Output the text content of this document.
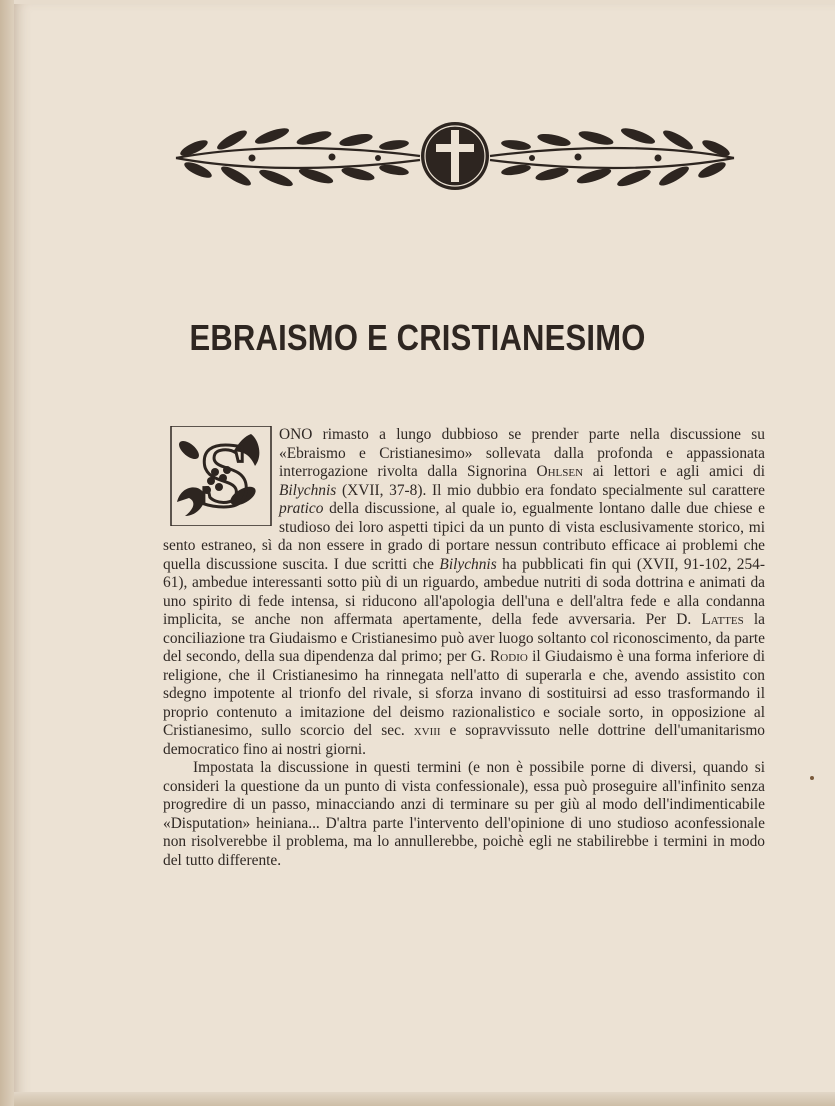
EBRAISMO E CRISTIANESIMO

S ONO rimasto a lungo dubbioso se prender parte nella discussione su «Ebraismo e Cristianesimo» sollevata dalla profonda e appassionata interrogazione rivolta dalla Signorina Ohlsen ai lettori e agli amici di Bilychnis (XVII, 37-8). Il mio dubbio era fondato specialmente sul carattere pratico della discussione, al quale io, egualmente lontano dalle due chiese e studioso dei loro aspetti tipici da un punto di vista esclusivamente storico, mi sento estraneo, sì da non essere in grado di portare nessun contributo efficace ai problemi che quella discussione suscita. I due scritti che Bilychnis ha pubblicati fin qui (XVII, 91-102, 254-61), ambedue interessanti sotto più di un riguardo, ambedue nutriti di soda dottrina e animati da uno spirito di fede intensa, si riducono all'apologia dell'una e dell'altra fede e alla condanna implicita, se anche non affermata apertamente, della fede avversaria. Per D. Lattes la conciliazione tra Giudaismo e Cristianesimo può aver luogo soltanto col riconoscimento, da parte del secondo, della sua dipendenza dal primo; per G. Rodio il Giudaismo è una forma inferiore di religione, che il Cristianesimo ha rinnegata nell'atto di superarla e che, avendo assistito con sdegno impotente al trionfo del rivale, si sforza invano di sostituirsi ad esso trasformando il proprio contenuto a imitazione del deismo razionalistico e sociale sorto, in opposizione al Cristianesimo, sullo scorcio del sec. xviii e sopravvissuto nelle dottrine dell'umanitarismo democratico fino ai nostri giorni.

Impostata la discussione in questi termini (e non è possibile porne di diversi, quando si consideri la questione da un punto di vista confessionale), essa può proseguire all'infinito senza progredire di un passo, minacciando anzi di terminare su per giù al modo dell'indimenticabile «Disputation» heiniana... D'altra parte l'intervento dell'opinione di uno studioso aconfessionale non risolverebbe il problema, ma lo annullerebbe, poichè egli ne stabilirebbe i termini in modo del tutto differente.
